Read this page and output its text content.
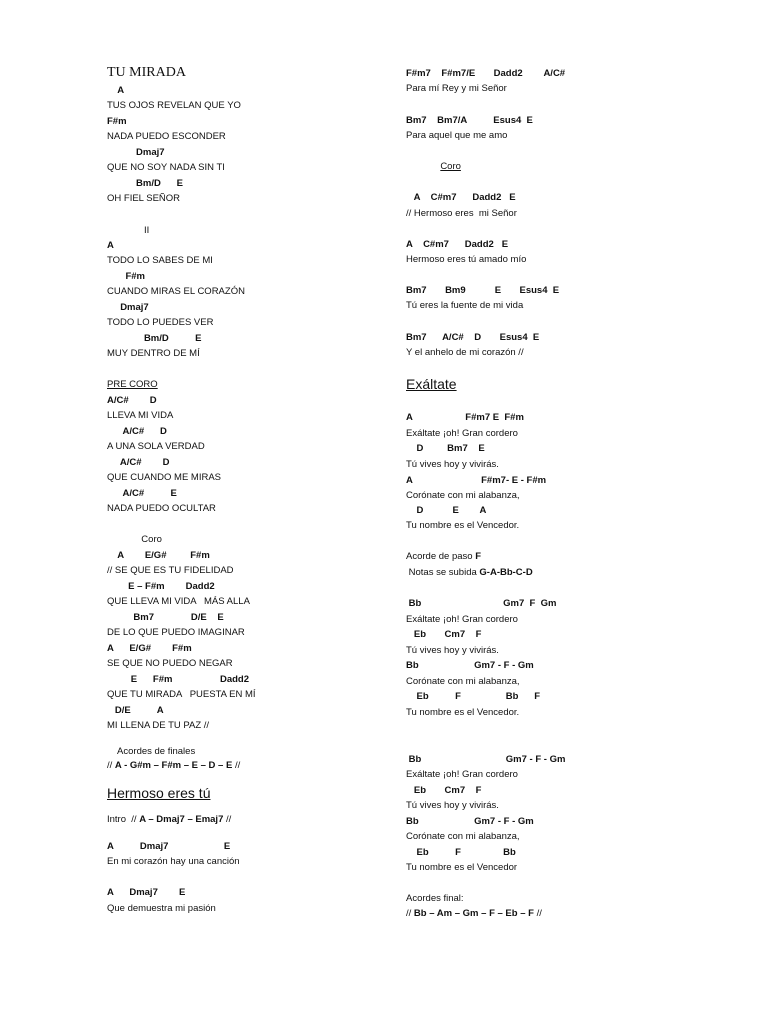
TU MIRADA
A
TUS OJOS REVELAN QUE YO
F#m
NADA PUEDO ESCONDER
Dmaj7
QUE NO SOY NADA SIN TI
Bm/D      E
OH FIEL SEÑOR
II
A
TODO LO SABES DE MI
F#m
CUANDO MIRAS EL CORAZÓN
Dmaj7
TODO LO PUEDES VER
Bm/D          E
MUY DENTRO DE MÍ
PRE CORO
A/C#        D
LLEVA MI VIDA
A/C#      D
A UNA SOLA VERDAD
A/C#        D
QUE CUANDO ME MIRAS
A/C#          E
NADA PUEDO OCULTAR
Coro
A        E/G#         F#m
// SE QUE ES TU FIDELIDAD
E – F#m        Dadd2
QUE LLEVA MI VIDA   MÁS ALLA
Bm7              D/E    E
DE LO QUE PUEDO IMAGINAR
A      E/G#        F#m
SE QUE NO PUEDO NEGAR
E      F#m                  Dadd2
QUE TU MIRADA   PUESTA EN MÍ
D/E          A
MI LLENA DE TU PAZ //
Acordes de finales
// A - G#m – F#m – E – D – E //
Hermoso eres tú
Intro  // A – Dmaj7 – Emaj7 //
A          Dmaj7                     E
En mi corazón hay una canción
A      Dmaj7        E
Que demuestra mi pasión
F#m7    F#m7/E       Dadd2        A/C#
Para mí Rey y mi Señor
Bm7    Bm7/A          Esus4  E
Para aquel que me amo
Coro
A    C#m7      Dadd2   E
// Hermoso eres  mi Señor
A    C#m7      Dadd2   E
Hermoso eres tú amado mío
Bm7       Bm9           E       Esus4  E
Tú eres la fuente de mi vida
Bm7      A/C#    D       Esus4  E
Y el anhelo de mi corazón //
Exáltate
A                    F#m7 E  F#m
Exáltate ¡oh! Gran cordero
D         Bm7    E
Tú vives hoy y vivirás.
A                          F#m7- E - F#m
Corónate con mi alabanza,
D           E        A
Tu nombre es el Vencedor.
Acorde de paso F
Notas se subida G-A-Bb-C-D
Bb                               Gm7  F  Gm
Exáltate ¡oh! Gran cordero
Eb       Cm7    F
Tú vives hoy y vivirás.
Bb                     Gm7 - F - Gm
Corónate con mi alabanza,
Eb          F                 Bb      F
Tu nombre es el Vencedor.
Bb                                Gm7 - F - Gm
Exáltate ¡oh! Gran cordero
Eb       Cm7    F
Tú vives hoy y vivirás.
Bb                     Gm7 - F - Gm
Corónate con mi alabanza,
Eb          F                Bb
Tu nombre es el Vencedor
Acordes final:
// Bb – Am – Gm – F – Eb – F //
